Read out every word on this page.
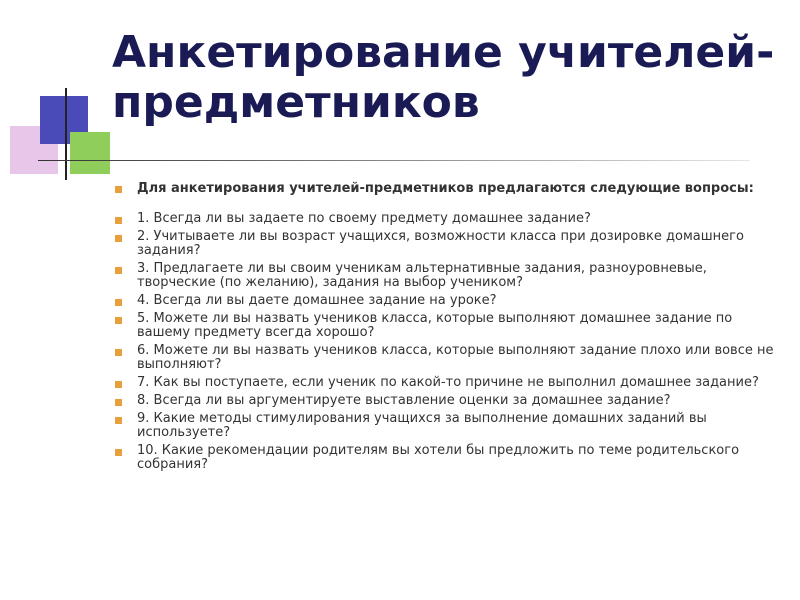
Анкетирование учителей-
предметников
Для анкетирования учителей-предметников предлагаются следующие вопросы:
1. Всегда ли вы задаете по своему предмету домашнее задание?
2. Учитываете ли вы возраст учащихся, возможности класса при дозировке домашнего задания?
3. Предлагаете ли вы своим ученикам альтернативные задания, разноуровневые, творческие (по желанию), задания на выбор учеником?
4. Всегда ли вы даете домашнее задание на уроке?
5. Можете ли вы назвать учеников класса, которые выполняют домашнее задание по вашему предмету всегда хорошо?
6. Можете ли вы назвать учеников класса, которые выполняют задание плохо или вовсе не выполняют?
7. Как вы поступаете, если ученик по какой-то причине не выполнил домашнее задание?
8. Всегда ли вы аргументируете выставление оценки за домашнее задание?
9. Какие методы стимулирования учащихся за выполнение домашних заданий вы используете?
10. Какие рекомендации родителям вы хотели бы предложить по теме родительского собрания?
